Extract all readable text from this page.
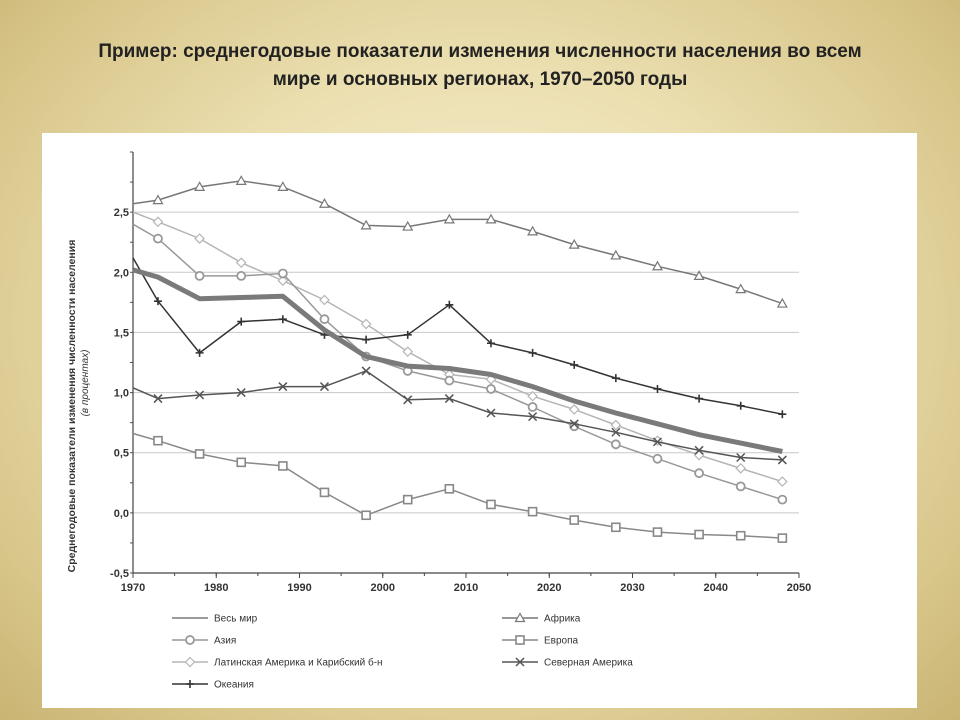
Пример: среднегодовые показатели изменения численности населения во всем
мире и основных регионах, 1970–2050 годы
-0,5
0,0
0,5
1,0
1,5
2,0
2,5
1970	1980	1990	2000	2010	2020	2030	2040	2050
Весь мир	Африка
Азия	Европа
Латинская Америка и Карибский б-н	Северная Америка
Океания
Среднегодовые показатели изменения численности населения (в процентах)
